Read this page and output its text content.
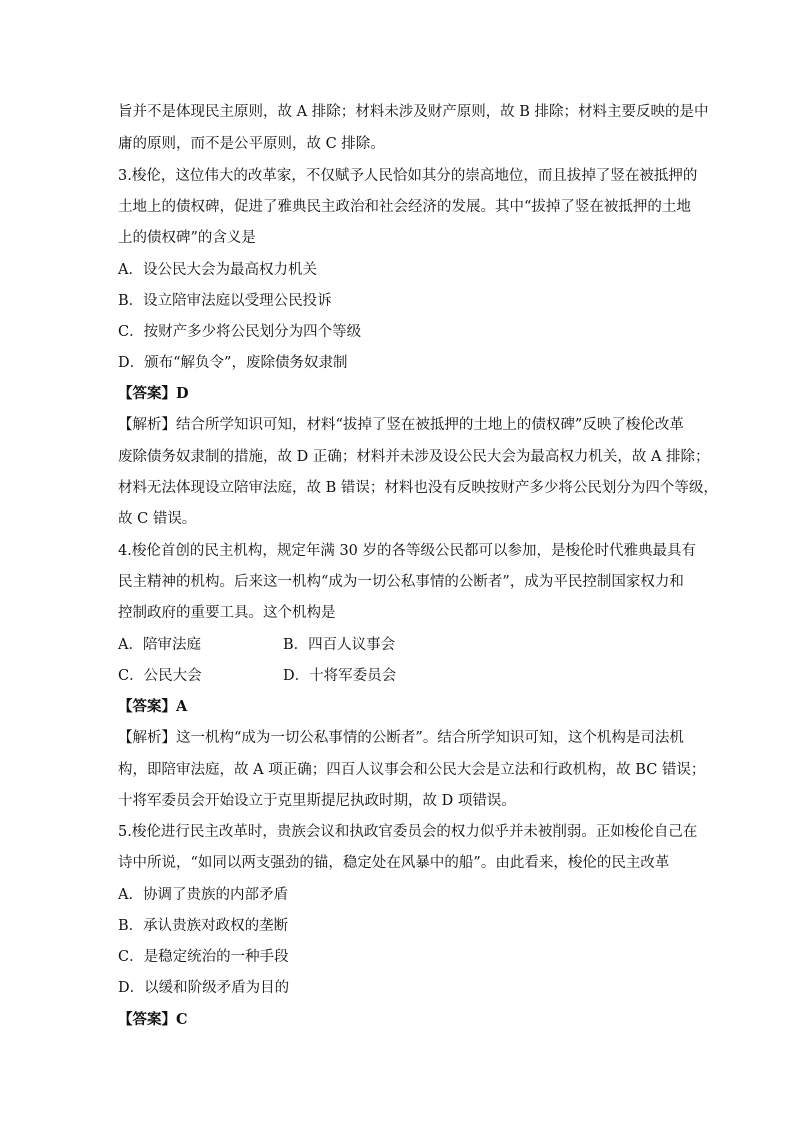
旨并不是体现民主原则，故 A 排除；材料未涉及财产原则，故 B 排除；材料主要反映的是中
庸的原则，而不是公平原则，故 C 排除。
3.梭伦，这位伟大的改革家，不仅赋予人民恰如其分的崇高地位，而且拔掉了竖在被抵押的
土地上的债权碑，促进了雅典民主政治和社会经济的发展。其中“拔掉了竖在被抵押的土地
上的债权碑”的含义是
A．设公民大会为最高权力机关
B．设立陪审法庭以受理公民投诉
C．按财产多少将公民划分为四个等级
D．颁布“解负令”，废除债务奴隶制
【答案】D
【解析】结合所学知识可知，材料“拔掉了竖在被抵押的土地上的债权碑”反映了梭伦改革
废除债务奴隶制的措施，故 D 正确；材料并未涉及设公民大会为最高权力机关，故 A 排除；
材料无法体现设立陪审法庭，故 B 错误；材料也没有反映按财产多少将公民划分为四个等级，
故 C 错误。
4.梭伦首创的民主机构，规定年满 30 岁的各等级公民都可以参加，是梭伦时代雅典最具有
民主精神的机构。后来这一机构“成为一切公私事情的公断者”，成为平民控制国家权力和
控制政府的重要工具。这个机构是
A．陪审法庭	B．四百人议事会
C．公民大会	D．十将军委员会
【答案】A
【解析】这一机构“成为一切公私事情的公断者”。结合所学知识可知，这个机构是司法机
构，即陪审法庭，故 A 项正确；四百人议事会和公民大会是立法和行政机构，故 BC 错误；
十将军委员会开始设立于克里斯提尼执政时期，故 D 项错误。
5.梭伦进行民主改革时，贵族会议和执政官委员会的权力似乎并未被削弱。正如梭伦自己在
诗中所说，“如同以两支强劲的锚，稳定处在风暴中的船”。由此看来，梭伦的民主改革
A．协调了贵族的内部矛盾
B．承认贵族对政权的垄断
C．是稳定统治的一种手段
D．以缓和阶级矛盾为目的
【答案】C
